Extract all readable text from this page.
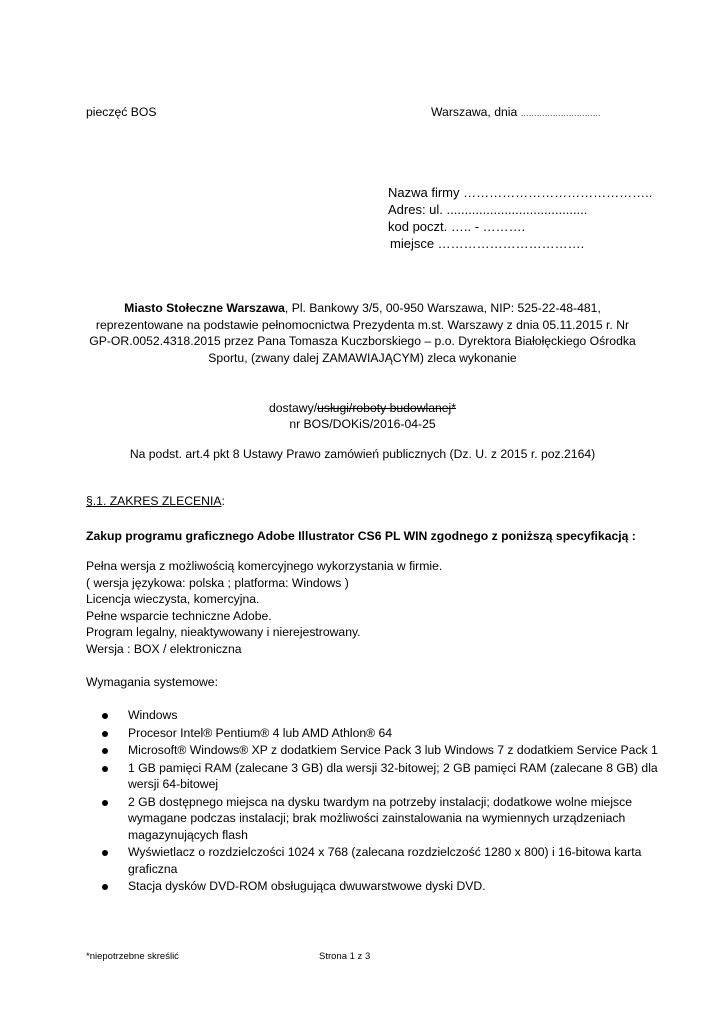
pieczęć BOS	Warszawa, dnia …………………………
Nazwa firmy ……………………………………..
Adres: ul. .......................................
kod poczt. ….. - ……….
miejsce …………………………….
Miasto Stołeczne Warszawa, Pl. Bankowy 3/5, 00-950 Warszawa, NIP: 525-22-48-481,
reprezentowane na podstawie pełnomocnictwa Prezydenta m.st. Warszawy z dnia 05.11.2015 r. Nr
GP-OR.0052.4318.2015 przez Pana Tomasza Kuczborskiego – p.o. Dyrektora Białołęckiego Ośrodka
Sportu, (zwany dalej ZAMAWIAJĄCYM) zleca wykonanie
dostawy/usługi/roboty budowlanej*
nr BOS/DOKiS/2016-04-25
Na podst. art.4 pkt 8 Ustawy Prawo zamówień publicznych (Dz. U. z 2015 r. poz.2164)
§.1. ZAKRES ZLECENIA:
Zakup programu graficznego Adobe Illustrator CS6 PL WIN zgodnego z poniższą specyfikacją :
Pełna wersja z możliwością komercyjnego wykorzystania w firmie.
( wersja językowa: polska ; platforma: Windows )
Licencja wieczysta, komercyjna.
Pełne wsparcie techniczne Adobe.
Program legalny, nieaktywowany i nierejestrowany.
Wersja : BOX / elektroniczna
Wymagania systemowe:
Windows
Procesor Intel® Pentium® 4 lub AMD Athlon® 64
Microsoft® Windows® XP z dodatkiem Service Pack 3 lub Windows 7 z dodatkiem Service Pack 1
1 GB pamięci RAM (zalecane 3 GB) dla wersji 32-bitowej; 2 GB pamięci RAM (zalecane 8 GB) dla wersji 64-bitowej
2 GB dostępnego miejsca na dysku twardym na potrzeby instalacji; dodatkowe wolne miejsce wymagane podczas instalacji; brak możliwości zainstalowania na wymiennych urządzeniach magazynujących flash
Wyświetlacz o rozdzielczości 1024 x 768 (zalecana rozdzielczość 1280 x 800) i 16-bitowa karta graficzna
Stacja dysków DVD-ROM obsługująca dwuwarstwowe dyski DVD.
*niepotrzebne skreślić	Strona 1 z 3
